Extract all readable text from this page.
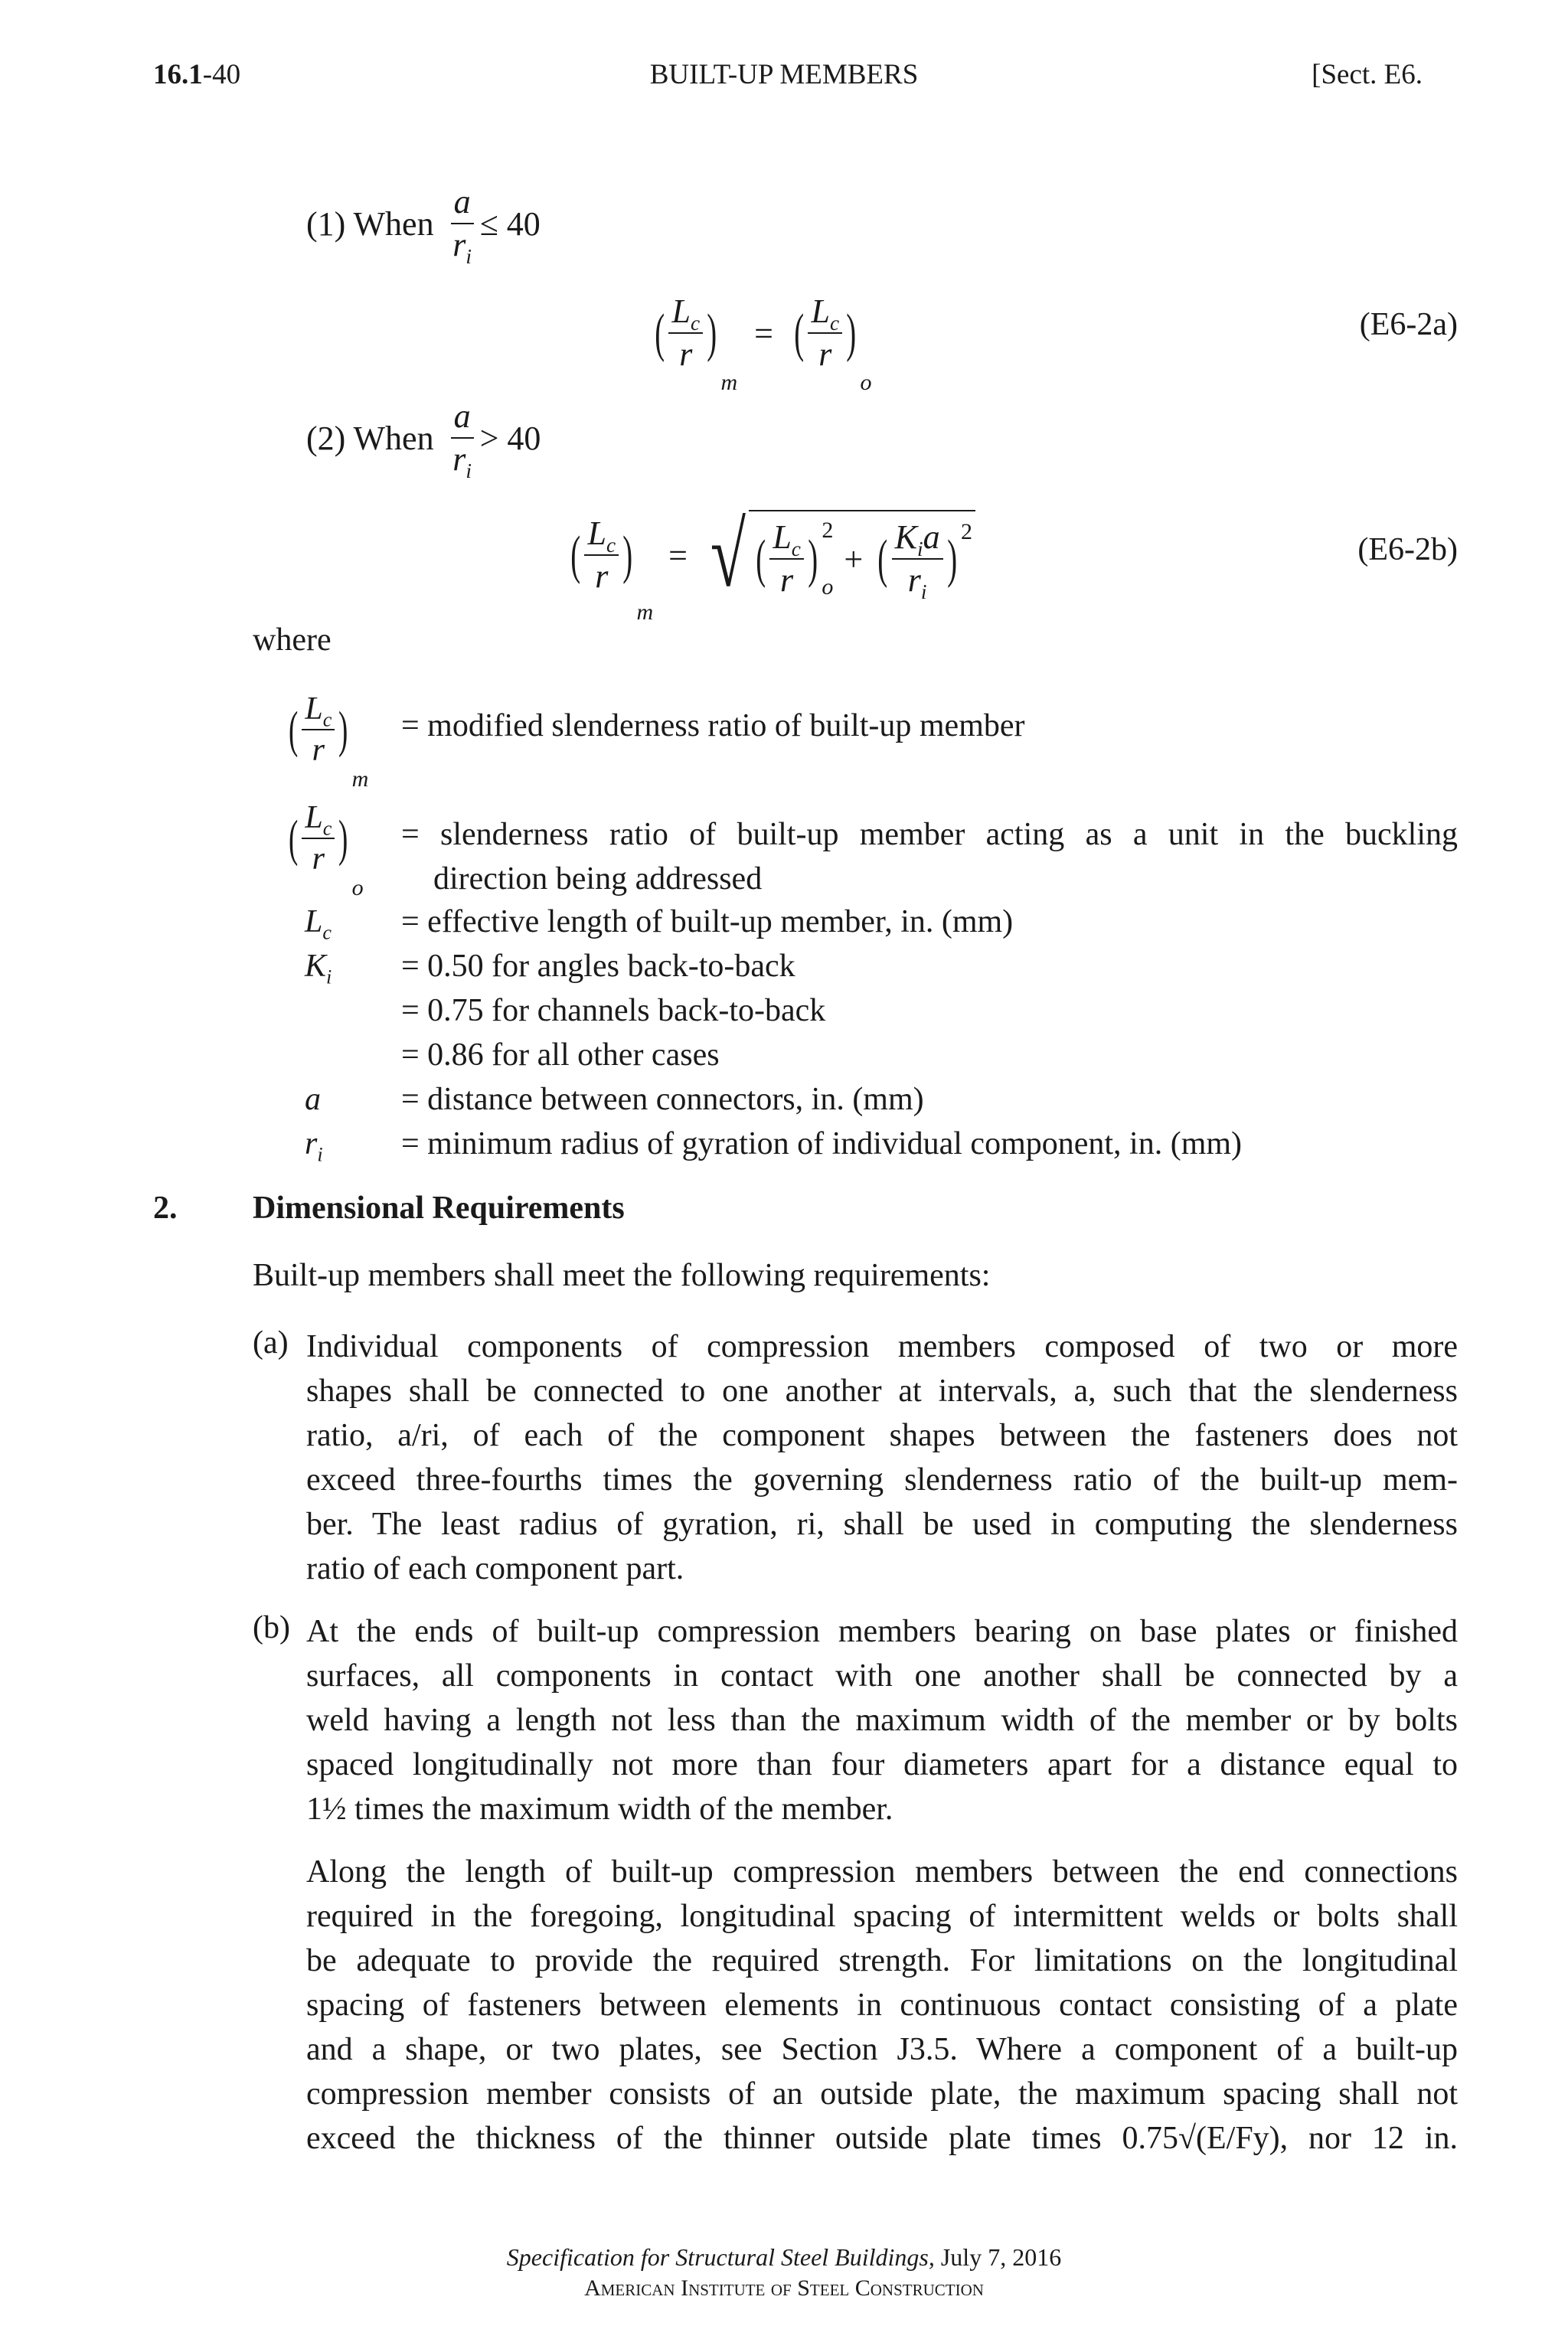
16.1-40	BUILT-UP MEMBERS	[Sect. E6.
(1) When $\frac{a}{r_i} \le 40$
( $\frac{L_c}{r}$ )
m
= ( $\frac{L_c}{r}$ )
o
(E6-2a)
(2) When $\frac{a}{r_i} > 40$
( $\frac{L_c}{r}$ )
m
= √ ( $\frac{L_c}{r}$ ) 2
o
+ ( $\frac{K_ia}{r_i}$ ) 2
(E6-2b)
where
( $\frac{L_c}{r}$ )
m
= modified slenderness ratio of built-up member
( $\frac{L_c}{r}$ )
o
= slenderness ratio of built-up member acting as a unit in the buckling
direction being addressed
$L_c$ = effective length of built-up member, in. (mm)
$K_i = 0.50$ for angles back-to-back
= 0.75 for channels back-to-back
= 0.86 for all other cases
a	= distance between connectors, in. (mm)
$r_i$ = minimum radius of gyration of individual component, in. (mm)
2. Dimensional Requirements
Built-up members shall meet the following requirements:
(a) Individual components of compression members composed of two or more
shapes shall be connected to one another at intervals, a, such that the slenderness
ratio, a/ri, of each of the component shapes between the fasteners does not
exceed three-fourths times the governing slenderness ratio of the built-up mem-
ber. The least radius of gyration, ri, shall be used in computing the slenderness
ratio of each component part.
(b) At the ends of built-up compression members bearing on base plates or finished
surfaces, all components in contact with one another shall be connected by a
weld having a length not less than the maximum width of the member or by bolts
spaced longitudinally not more than four diameters apart for a distance equal to
1½ times the maximum width of the member.
Along the length of built-up compression members between the end connections
required in the foregoing, longitudinal spacing of intermittent welds or bolts shall
be adequate to provide the required strength. For limitations on the longitudinal
spacing of fasteners between elements in continuous contact consisting of a plate
and a shape, or two plates, see Section J3.5. Where a component of a built-up
compression member consists of an outside plate, the maximum spacing shall not
exceed the thickness of the thinner outside plate times 0.75√(E/Fy), nor 12 in.
Specification for Structural Steel Buildings, July 7, 2016
American Institute of Steel Construction
